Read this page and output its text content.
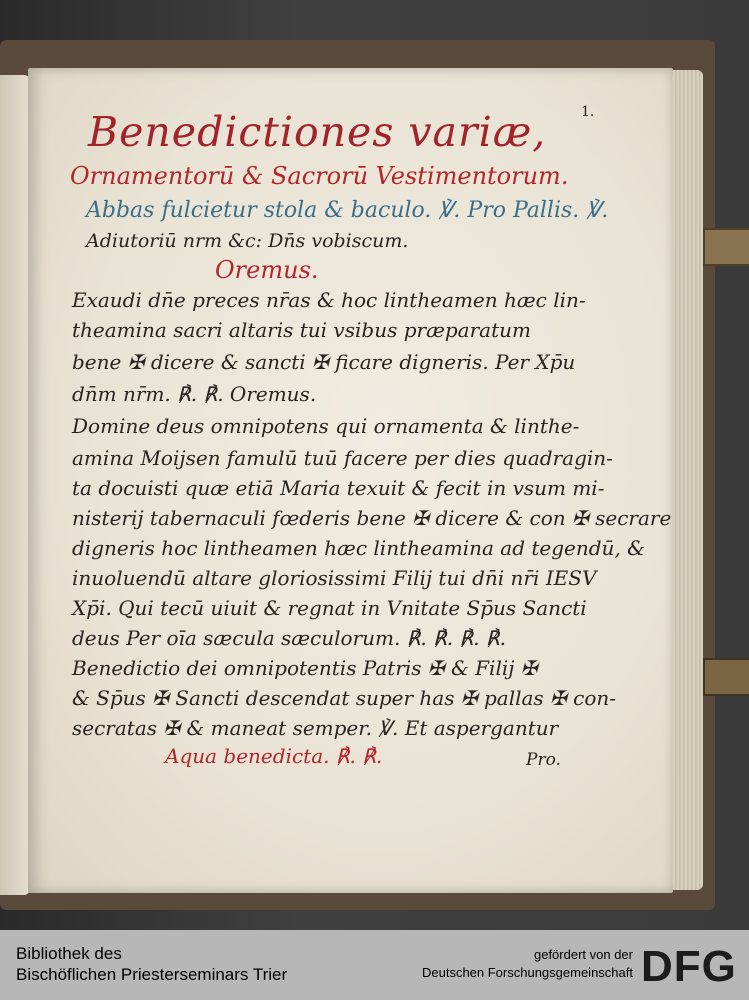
1.
Benedictiones variæ,
Ornamentorū & Sacrorū Vestimentorum.
Abbas fulcietur stola & baculo. ℣. Pro Pallis. ℣.
Adiutoriū nrm &c: Dn̄s vobiscum.
Oremus.
Exaudi dn̄e preces nr̄as & hoc lintheamen hæc lin-
theamina sacri altaris tui vsibus præparatum
bene ✠ dicere & sancti ✠ ficare digneris. Per Xp̄u
dn̄m nr̄m. ℟. ℟. Oremus.
Domine deus omnipotens qui ornamenta & linthe-
amina Moijsen famulū tuū facere per dies quadragin-
ta docuisti quæ etiā Maria texuit & fecit in vsum mi-
nisterij tabernaculi fœderis bene ✠ dicere & con ✠ secrare
digneris hoc lintheamen hæc lintheamina ad tegendū, &
inuoluendū altare gloriosissimi Filij tui dn̄i nr̄i IESV
Xp̄i. Qui tecū uiuit & regnat in Vnitate Sp̄us Sancti
deus Per oīa sæcula sæculorum. ℟. ℟. ℟. ℟.
Benedictio dei omnipotentis Patris ✠ & Filij ✠
& Sp̄us ✠ Sancti descendat super has ✠ pallas ✠ con-
secratas ✠ & maneat semper. ℣. Et aspergantur
Aqua benedicta. ℟. ℟.	Pro.
Bibliothek des
Bischöflichen Priesterseminars Trier
gefördert von der
Deutschen Forschungsgemeinschaft DFG
